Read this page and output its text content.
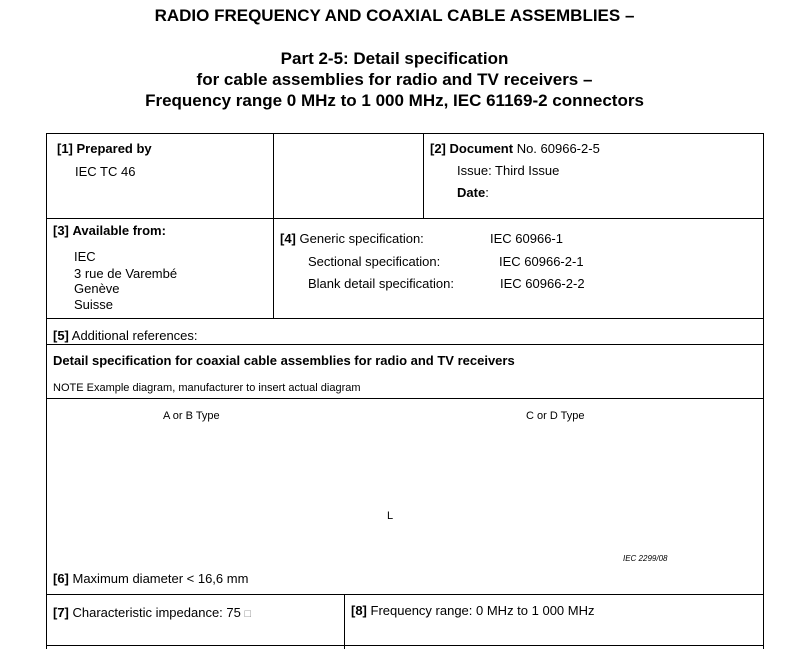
RADIO FREQUENCY AND COAXIAL CABLE ASSEMBLIES –
Part 2-5: Detail specification
for cable assemblies for radio and TV receivers –
Frequency range 0 MHz to 1 000 MHz, IEC 61169-2 connectors
[1] Prepared by
IEC TC 46
[2] Document No. 60966-2-5
Issue: Third Issue
Date:
[3] Available from:
IEC
3 rue de Varembé
Genève
Suisse
[4] Generic specification:	IEC 60966-1
Sectional specification:	IEC 60966-2-1
Blank detail specification:	IEC 60966-2-2
[5] Additional references:
Detail specification for coaxial cable assemblies for radio and TV receivers
NOTE Example diagram, manufacturer to insert actual diagram
A or B Type	C or D Type
L
IEC 2299/08
[6] Maximum diameter < 16,6 mm
[7] Characteristic impedance: 75 □	[8] Frequency range: 0 MHz to 1 000 MHz
